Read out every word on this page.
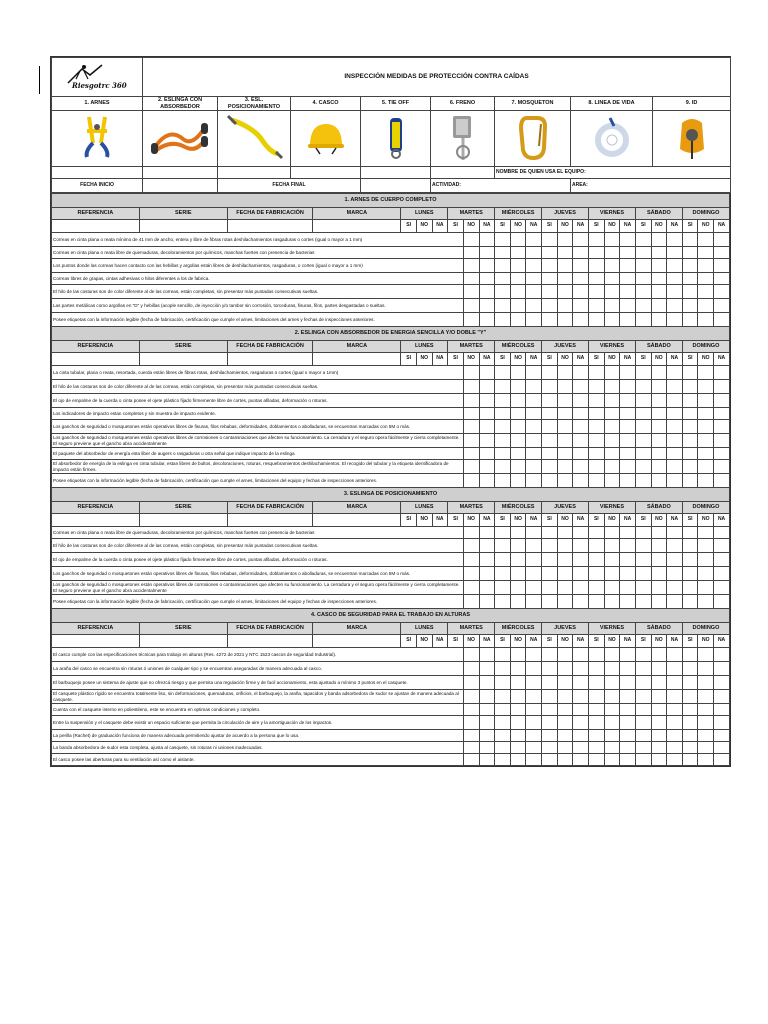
Riesgotrc 360	INSPECCIÓN MEDIDAS DE PROTECCIÓN CONTRA CAÍDAS							
1. ARNES	2. ESLINGA CON ABSORBEDOR	3. ESL. POSICIONAMIENTO	4. CASCO	5. TIE OFF	6. FRENO	7. MOSQUETON	8. LINEA DE VIDA	9. ID

						NOMBRE DE QUIEN USA EL EQUIPO:		
FECHA INICIO		FECHA FINAL			ACTIVIDAD:		AREA:	
1. ARNES DE CUERPO COMPLETO																								
REFERENCIA	SERIE	FECHA DE FABRICACIÓN	MARCA	LUNES			MARTES			MIÉRCOLES			JUEVES			VIERNES			SÁBADO			DOMINGO		
				SI	NO	NA	SI	NO	NA	SI	NO	NA	SI	NO	NA	SI	NO	NA	SI	NO	NA	SI	NO	NA
Correas en cinta plana o reata mínimo de 41 mm de ancho, entera y libre de fibras rotas deshilachamientos rasgaduras o cortes (igual o mayor a 1 mm)																								
Correas en cinta plana o reata libre de quemaduras, decoloramientos por químicos, manchas fuertes con presencia de bacterias																								
Los puntos donde las correas hacen contacto con las hebillas y argollas están libres de deshilachamientos, rasgaduras, o cortes (igual o mayor a 1 mm)																								
Correas libres de grapas, cintas adhesivas o hilos diferentes a los de fabrica.																								
El hilo de las costuras son de color diferente al de las correas, están completas, sin presentar más puntadas consecutivas sueltas.																								
Las partes metálicas como argollas en "D" y hebillas (acople sencillo, de inyección y/o tambor sin corrosión, torceduras, fisuras, filos, partes desgastadas o sueltas.																								
Posee etiquetas con la información legible (fecha de fabricación, certificación que cumple el arnes, limitaciones del arnes y fechas de inspecciones anteriores.																								
2. ESLINGA CON ABSORBEDOR DE ENERGIA SENCILLA Y/O DOBLE "Y"																								
REFERENCIA	SERIE	FECHA DE FABRICACIÓN	MARCA	LUNES			MARTES			MIÉRCOLES			JUEVES			VIERNES			SÁBADO			DOMINGO		
				SI	NO	NA	SI	NO	NA	SI	NO	NA	SI	NO	NA	SI	NO	NA	SI	NO	NA	SI	NO	NA
La cinta tubular, plana o reata, resortada, cuerda están libres de fibras rotas, deshilachamientos, rasgaduras o cortes (igual o mayor a 1mm)																								
El hilo de las costuras son de color diferente al de las correas, están completas, sin presentar más puntadas consecutivas sueltas.																								
El ojo de empalme de la cuerda o cinta posee el ojete plástico fijado firmemente libre de cortes, puntas afiladas, deformación o roturas.																								
Los indicadores de impacto estan completos y sin muestra de impacto evidente.																								
Los ganchos de seguridad o mosquetones están operativos libres de fisuras, filos rebabas, deformidades, doblamientos o abolladuras, se encuentran marcadas con 5M o más.																								
Los ganchos de seguridad o mosquetones están operativos libres de corrosiones o contaminaciones que afecten su funcionamiento. La cerradura y el seguro opera fácilmente y cierra completamente. El seguro previene que el gancho abra accidentalmente																								
El paquete del absorbedor de energía esta liber de augers o rasgaduras u otra señal que indique impacto de la eslinga																								
El absorbedor de energía de la eslinga en cinta tubular, estan libres de bultos, decoloraciones, roturas, resquebramientos deshilachamientos. El recogido del tubular y la etiqueta identificadora de impacto están firmes.																								
Posee etiquetas con la información legible (fecha de fabricación, certificación que cumple el arnes, limitaciones del equipo y fechas de inspecciones anteriores.																								
3. ESLINGA DE POSICIONAMIENTO																								
REFERENCIA	SERIE	FECHA DE FABRICACIÓN	MARCA	LUNES			MARTES			MIÉRCOLES			JUEVES			VIERNES			SÁBADO			DOMINGO		
				SI	NO	NA	SI	NO	NA	SI	NO	NA	SI	NO	NA	SI	NO	NA	SI	NO	NA	SI	NO	NA
Correas en cinta plana o reata libre de quemaduras, decoloramientos por químicos, manchas fuertes con presencia de bacterias																								
El hilo de las costuras son de color diferente al de las correas, están completas, sin presentar más puntadas consecutivas sueltas.																								
El ojo de empalme de la cuerda o cinta posee el ojete plástico fijado firmemente libre de cortes, puntas afiladas, deformación o roturas.																								
Los ganchos de seguridad o mosquetones están operativos libres de fisuras, filos rebabas, deformidades, doblamientos o abolladuras, se encuentran marcadas con 5M o más.																								
Los ganchos de seguridad o mosquetones están operativos libres de corrosiones o contaminaciones que afecten su funcionamiento. La cerradura y el seguro opera fácilmente y cierra completamente. El seguro previene que el gancho abra accidentalmente																								
Posee etiquetas con la información legible (fecha de fabricación, certificación que cumple el arnes, limitaciones del equipo y fechas de inspecciones anteriores.																								
4. CASCO DE SEGURIDAD PARA EL TRABAJO EN ALTURAS																								
REFERENCIA	SERIE	FECHA DE FABRICACIÓN	MARCA	LUNES			MARTES			MIÉRCOLES			JUEVES			VIERNES			SÁBADO			DOMINGO		
				SI	NO	NA	SI	NO	NA	SI	NO	NA	SI	NO	NA	SI	NO	NA	SI	NO	NA	SI	NO	NA
El casco cumple con las especificaciones técnicas para trabajo en alturas (Res. 4272 de 2021 y NTC 1523 cascos de seguridad Industrial).																								
La araña del casco se encuentra sin roturas ó uniones de cualquier tipo y se encuentran aseguradas de manera adecuada al casco.																								
El barbuquejo posee un sistema de ajuste que no ofrezcá riesgo y que permita una regulación firme y de facil accionamiento, esta ajustado a mínimo 3 puntos en el casquete.																								
El casquete plástico rígido se encuentra totalmente liso, sin deformaciones, quemaduras, orificios, el barbuquejo, la araña, tapacidos y banda adsorbedora de sudor se ajustan de manera adecuada al casquete.																								
Cuenta con el casquete interno en poliestileno, este se encuentra en optimas condiciones y completo.																								
Entre la suspensión y el casquete debe existir un espacio suficiente que permita la circulación de aire y la amortiguación de los impactos.																								
La perilla (Rachet) de graduación funciona de manera adecuada permitiendo ajustar de acuerdo a la persona que lo usa.																								
La banda absorbedora de sudor esta completa, ajusta al casquete, sin roturas ni uniones inadecuadas.																								
El casco posee las aberturas para su ventilación así como el aislante.																								
